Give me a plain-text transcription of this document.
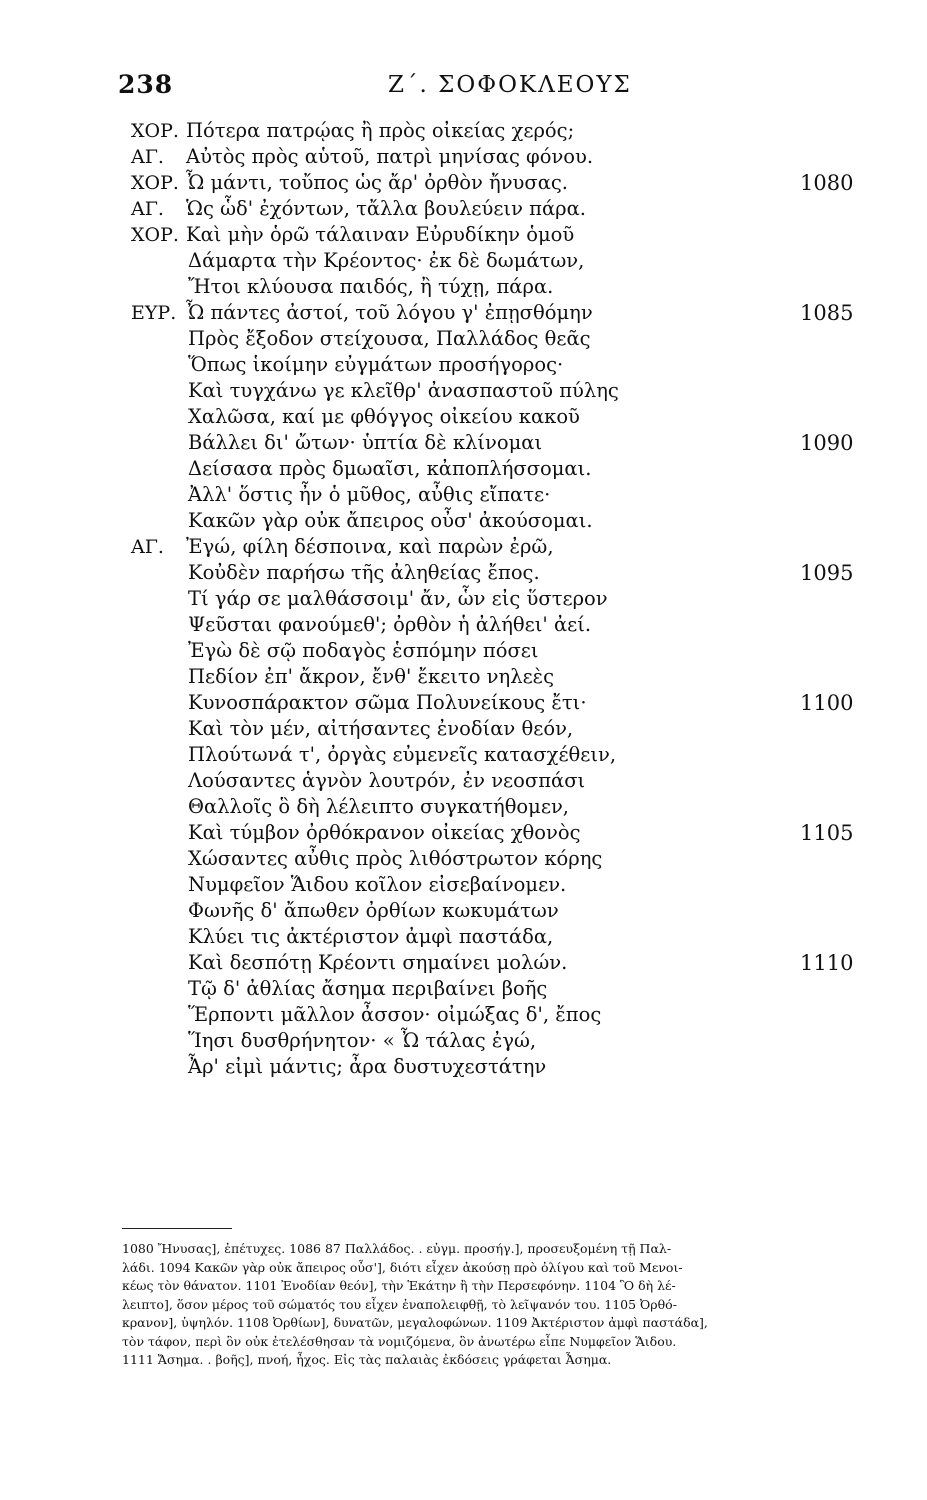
238	Ζ΄. ΣΟΦΟΚΛΕΟΥΣ
ΧΟΡ. Πότερα πατρῴας ἢ πρὸς οἰκείας χερός;
ΑΓ. Αὐτὸς πρὸς αὑτοῦ, πατρὶ μηνίσας φόνου.
ΧΟΡ. Ὦ μάντι, τοὔπος ὡς ἄρ' ὀρθὸν ἤνυσας.	1080
ΑΓ. Ὡς ὧδ' ἐχόντων, τἄλλα βουλεύειν πάρα.
ΧΟΡ. Καὶ μὴν ὁρῶ τάλαιναν Εὐρυδίκην ὁμοῦ
Δάμαρτα τὴν Κρέοντος· ἐκ δὲ δωμάτων,
Ἤτοι κλύουσα παιδός, ἢ τύχῃ, πάρα.
ΕΥΡ. Ὦ πάντες ἀστοί, τοῦ λόγου γ' ἐπῃσθόμην	1085
Πρὸς ἔξοδον στείχουσα, Παλλάδος θεᾶς
Ὅπως ἱκοίμην εὐγμάτων προσήγορος·
Καὶ τυγχάνω γε κλεῖθρ' ἀνασπαστοῦ πύλης
Χαλῶσα, καί με φθόγγος οἰκείου κακοῦ
Βάλλει δι' ὤτων· ὑπτία δὲ κλίνομαι	1090
Δείσασα πρὸς δμωαῖσι, κἀποπλήσσομαι.
Ἀλλ' ὅστις ἦν ὁ μῦθος, αὖθις εἴπατε·
Κακῶν γὰρ οὐκ ἄπειρος οὖσ' ἀκούσομαι.
ΑΓ. Ἐγώ, φίλη δέσποινα, καὶ παρὼν ἐρῶ,
Κοὐδὲν παρήσω τῆς ἀληθείας ἔπος.	1095
Τί γάρ σε μαλθάσσοιμ' ἄν, ὧν εἰς ὕστερον
Ψεῦσται φανούμεθ'; ὀρθὸν ἡ ἀλήθει' ἀεί.
Ἐγὼ δὲ σῷ ποδαγὸς ἑσπόμην πόσει
Πεδίον ἐπ' ἄκρον, ἔνθ' ἔκειτο νηλεὲς
Κυνοσπάρακτον σῶμα Πολυνείκους ἔτι·	1100
Καὶ τὸν μέν, αἰτήσαντες ἐνοδίαν θεόν,
Πλούτωνά τ', ὀργὰς εὐμενεῖς κατασχέθειν,
Λούσαντες ἁγνὸν λουτρόν, ἐν νεοσπάσι
Θαλλοῖς ὃ δὴ λέλειπτο συγκατήθομεν,
Καὶ τύμβον ὀρθόκρανον οἰκείας χθονὸς	1105
Χώσαντες αὖθις πρὸς λιθόστρωτον κόρης
Νυμφεῖον Ἅιδου κοῖλον εἰσεβαίνομεν.
Φωνῆς δ' ἄπωθεν ὀρθίων κωκυμάτων
Κλύει τις ἀκτέριστον ἀμφὶ παστάδα,
Καὶ δεσπότῃ Κρέοντι σημαίνει μολών.	1110
Τῷ δ' ἀθλίας ἄσημα περιβαίνει βοῆς
Ἕρποντι μᾶλλον ἆσσον· οἰμώξας δ', ἔπος
Ἵησι δυσθρήνητον· « Ὦ τάλας ἐγώ,
Ἆρ' εἰμὶ μάντις; ἆρα δυστυχεστάτην
1080 Ἤνυσας], ἐπέτυχες. 1086 87 Παλλάδος. . εὐγμ. προσήγ.], προσευξομένη τῇ Παλ-
λάδι. 1094 Κακῶν γὰρ οὐκ ἄπειρος οὖσ'], διότι εἶχεν ἀκούσῃ πρὸ ὀλίγου καὶ τοῦ Μενοι-
κέως τὸν θάνατον. 1101 Ἐνοδίαν θεόν], τὴν Ἑκάτην ἢ τὴν Περσεφόνην. 1104 Ὃ δὴ λέ-
λειπτο], ὅσον μέρος τοῦ σώματός του εἶχεν ἐναπολειφθῇ, τὸ λεῖψανόν του. 1105 Ὀρθό-
κρανον], ὑψηλόν. 1108 Ὀρθίων], δυνατῶν, μεγαλοφώνων. 1109 Ἀκτέριστον ἀμφὶ παστάδα],
τὸν τάφον, περὶ ὃν οὐκ ἐτελέσθησαν τὰ νομιζόμενα, ὃν ἀνωτέρω εἶπε Νυμφεῖον Ἅιδου.
1111 Ἄσημα. . βοῆς], πνοή, ἦχος. Εἰς τὰς παλαιὰς ἐκδόσεις γράφεται Ἆσημα.
